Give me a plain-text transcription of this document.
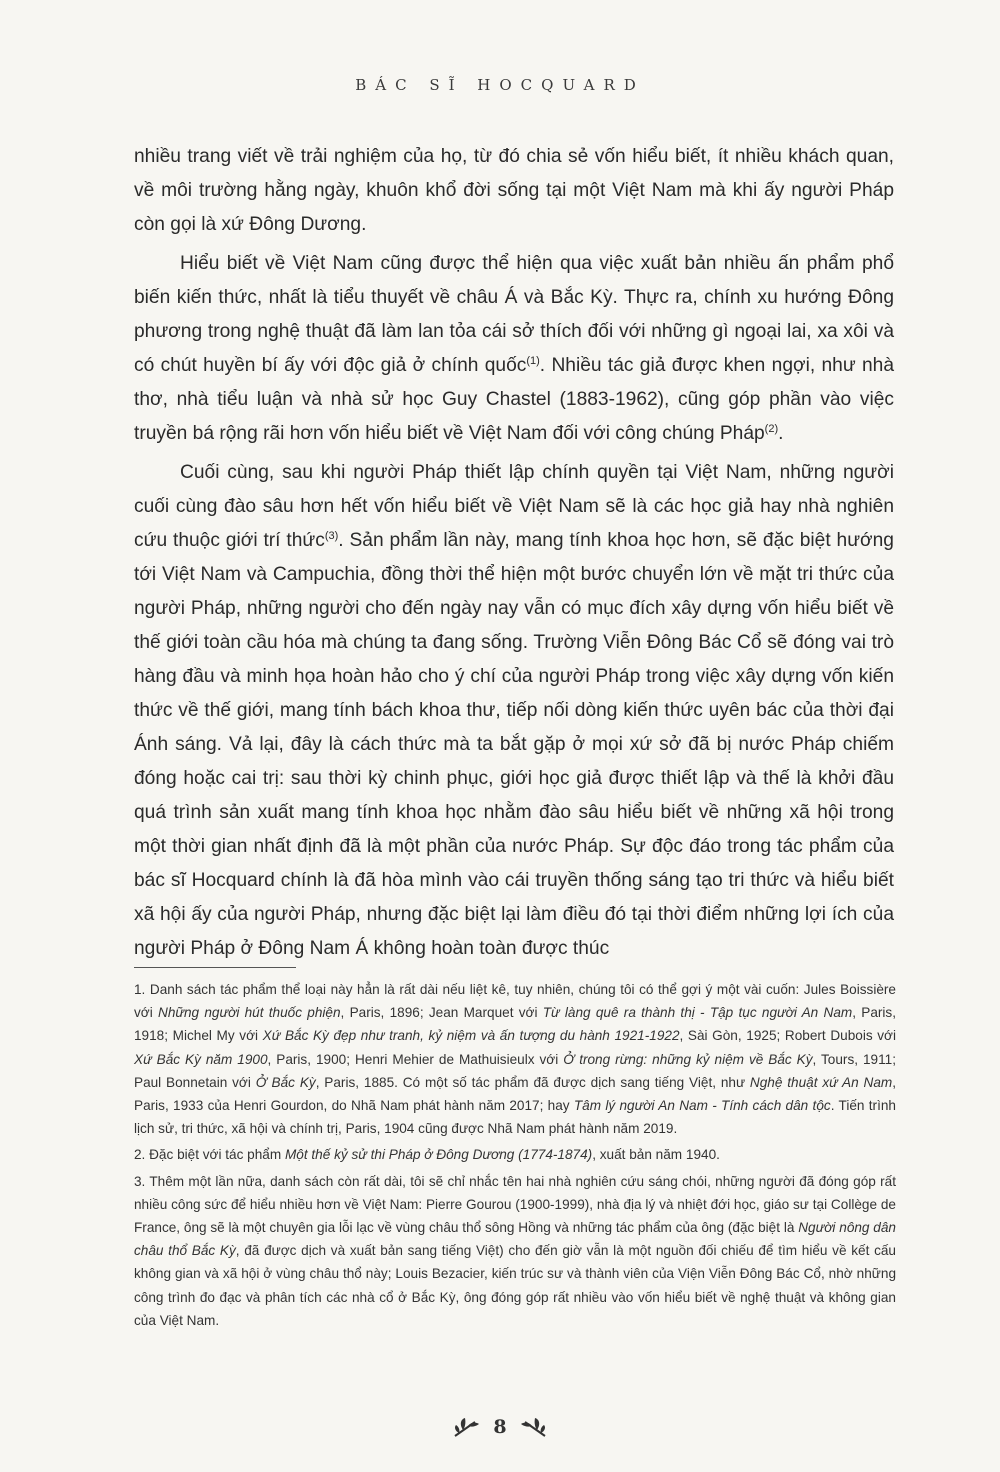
BÁC SĨ HOCQUARD

nhiều trang viết về trải nghiệm của họ, từ đó chia sẻ vốn hiểu biết, ít nhiều khách quan, về môi trường hằng ngày, khuôn khổ đời sống tại một Việt Nam mà khi ấy người Pháp còn gọi là xứ Đông Dương.

Hiểu biết về Việt Nam cũng được thể hiện qua việc xuất bản nhiều ấn phẩm phổ biến kiến thức, nhất là tiểu thuyết về châu Á và Bắc Kỳ. Thực ra, chính xu hướng Đông phương trong nghệ thuật đã làm lan tỏa cái sở thích đối với những gì ngoại lai, xa xôi và có chút huyền bí ấy với độc giả ở chính quốc$^{(1)}$. Nhiều tác giả được khen ngợi, như nhà thơ, nhà tiểu luận và nhà sử học Guy Chastel (1883-1962), cũng góp phần vào việc truyền bá rộng rãi hơn vốn hiểu biết về Việt Nam đối với công chúng Pháp$^{(2)}$.

Cuối cùng, sau khi người Pháp thiết lập chính quyền tại Việt Nam, những người cuối cùng đào sâu hơn hết vốn hiểu biết về Việt Nam sẽ là các học giả hay nhà nghiên cứu thuộc giới trí thức$^{(3)}$. Sản phẩm lần này, mang tính khoa học hơn, sẽ đặc biệt hướng tới Việt Nam và Campuchia, đồng thời thể hiện một bước chuyển lớn về mặt tri thức của người Pháp, những người cho đến ngày nay vẫn có mục đích xây dựng vốn hiểu biết về thế giới toàn cầu hóa mà chúng ta đang sống. Trường Viễn Đông Bác Cổ sẽ đóng vai trò hàng đầu và minh họa hoàn hảo cho ý chí của người Pháp trong việc xây dựng vốn kiến thức về thế giới, mang tính bách khoa thư, tiếp nối dòng kiến thức uyên bác của thời đại Ánh sáng. Vả lại, đây là cách thức mà ta bắt gặp ở mọi xứ sở đã bị nước Pháp chiếm đóng hoặc cai trị: sau thời kỳ chinh phục, giới học giả được thiết lập và thế là khởi đầu quá trình sản xuất mang tính khoa học nhằm đào sâu hiểu biết về những xã hội trong một thời gian nhất định đã là một phần của nước Pháp. Sự độc đáo trong tác phẩm của bác sĩ Hocquard chính là đã hòa mình vào cái truyền thống sáng tạo tri thức và hiểu biết xã hội ấy của người Pháp, nhưng đặc biệt lại làm điều đó tại thời điểm những lợi ích của người Pháp ở Đông Nam Á không hoàn toàn được thúc

1. Danh sách tác phẩm thể loại này hẳn là rất dài nếu liệt kê, tuy nhiên, chúng tôi có thể gợi ý một vài cuốn: Jules Boissière với Những người hút thuốc phiện, Paris, 1896; Jean Marquet với Từ làng quê ra thành thị - Tập tục người An Nam, Paris, 1918; Michel My với Xứ Bắc Kỳ đẹp như tranh, kỷ niệm và ấn tượng du hành 1921-1922, Sài Gòn, 1925; Robert Dubois với Xứ Bắc Kỳ năm 1900, Paris, 1900; Henri Mehier de Mathuisieulx với Ở trong rừng: những kỷ niệm về Bắc Kỳ, Tours, 1911; Paul Bonnetain với Ở Bắc Kỳ, Paris, 1885. Có một số tác phẩm đã được dịch sang tiếng Việt, như Nghệ thuật xứ An Nam, Paris, 1933 của Henri Gourdon, do Nhã Nam phát hành năm 2017; hay Tâm lý người An Nam - Tính cách dân tộc. Tiến trình lịch sử, tri thức, xã hội và chính trị, Paris, 1904 cũng được Nhã Nam phát hành năm 2019.

2. Đặc biệt với tác phẩm Một thế kỷ sử thi Pháp ở Đông Dương (1774-1874), xuất bản năm 1940.

3. Thêm một lần nữa, danh sách còn rất dài, tôi sẽ chỉ nhắc tên hai nhà nghiên cứu sáng chói, những người đã đóng góp rất nhiều công sức để hiểu nhiều hơn về Việt Nam: Pierre Gourou (1900-1999), nhà địa lý và nhiệt đới học, giáo sư tại Collège de France, ông sẽ là một chuyên gia lỗi lạc về vùng châu thổ sông Hồng và những tác phẩm của ông (đặc biệt là Người nông dân châu thổ Bắc Kỳ, đã được dịch và xuất bản sang tiếng Việt) cho đến giờ vẫn là một nguồn đối chiếu để tìm hiểu về kết cấu không gian và xã hội ở vùng châu thổ này; Louis Bezacier, kiến trúc sư và thành viên của Viện Viễn Đông Bác Cổ, nhờ những công trình đo đạc và phân tích các nhà cổ ở Bắc Kỳ, ông đóng góp rất nhiều vào vốn hiểu biết về nghệ thuật và không gian của Việt Nam.

8
